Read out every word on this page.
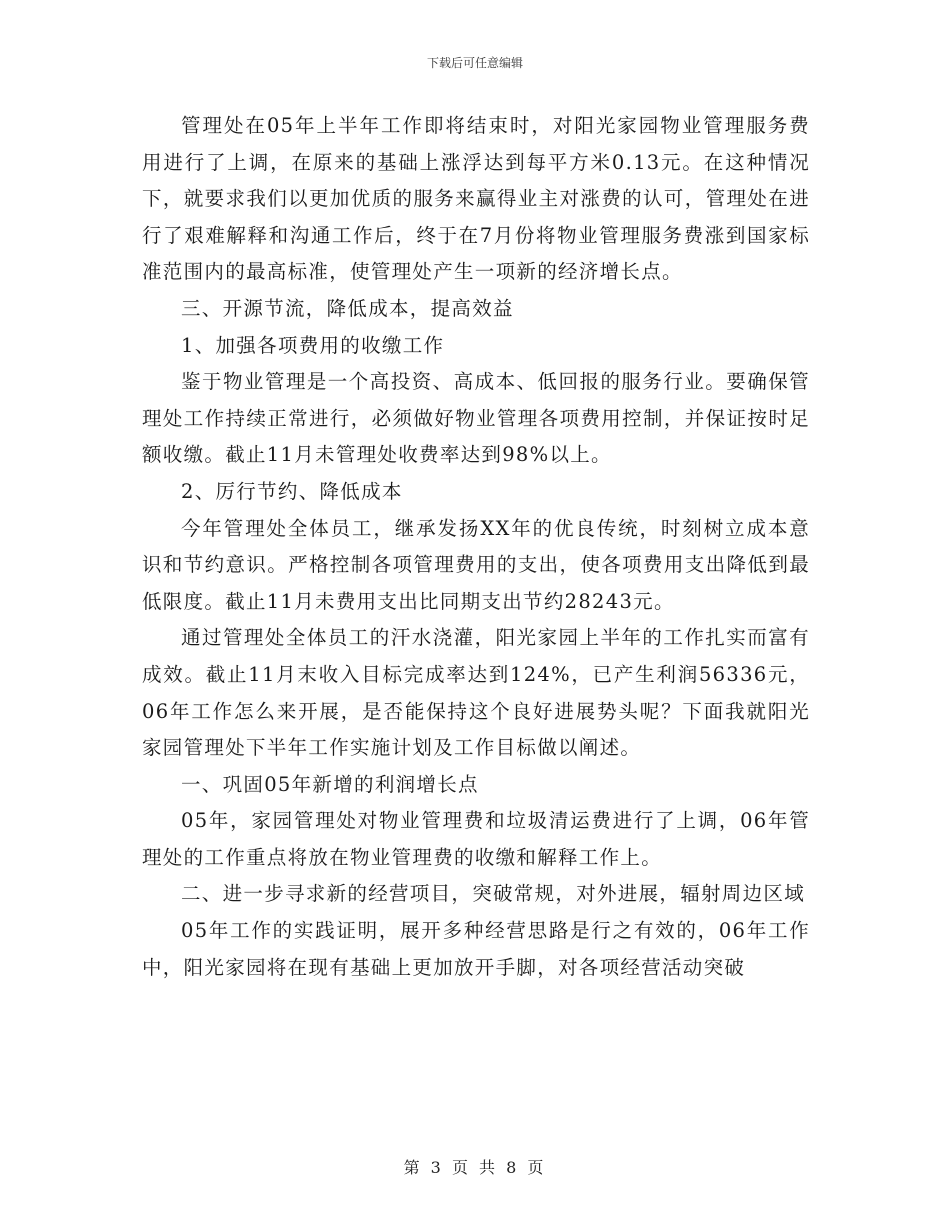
下载后可任意编辑

管理处在05年上半年工作即将结束时，对阳光家园物业管理服务费用进行了上调，在原来的基础上涨浮达到每平方米0.13元。在这种情况下，就要求我们以更加优质的服务来赢得业主对涨费的认可，管理处在进行了艰难解释和沟通工作后，终于在7月份将物业管理服务费涨到国家标准范围内的最高标准，使管理处产生一项新的经济增长点。

三、开源节流，降低成本，提高效益

1、加强各项费用的收缴工作

鉴于物业管理是一个高投资、高成本、低回报的服务行业。要确保管理处工作持续正常进行，必须做好物业管理各项费用控制，并保证按时足额收缴。截止11月未管理处收费率达到98%以上。

2、厉行节约、降低成本

今年管理处全体员工，继承发扬XX年的优良传统，时刻树立成本意识和节约意识。严格控制各项管理费用的支出，使各项费用支出降低到最低限度。截止11月未费用支出比同期支出节约28243元。

通过管理处全体员工的汗水浇灌，阳光家园上半年的工作扎实而富有成效。截止11月末收入目标完成率达到124%，已产生利润56336元，06年工作怎么来开展，是否能保持这个良好进展势头呢？下面我就阳光家园管理处下半年工作实施计划及工作目标做以阐述。

一、巩固05年新增的利润增长点

05年，家园管理处对物业管理费和垃圾清运费进行了上调，06年管理处的工作重点将放在物业管理费的收缴和解释工作上。

二、进一步寻求新的经营项目，突破常规，对外进展，辐射周边区域

05年工作的实践证明，展开多种经营思路是行之有效的，06年工作中，阳光家园将在现有基础上更加放开手脚，对各项经营活动突破

第 3 页 共 8 页
